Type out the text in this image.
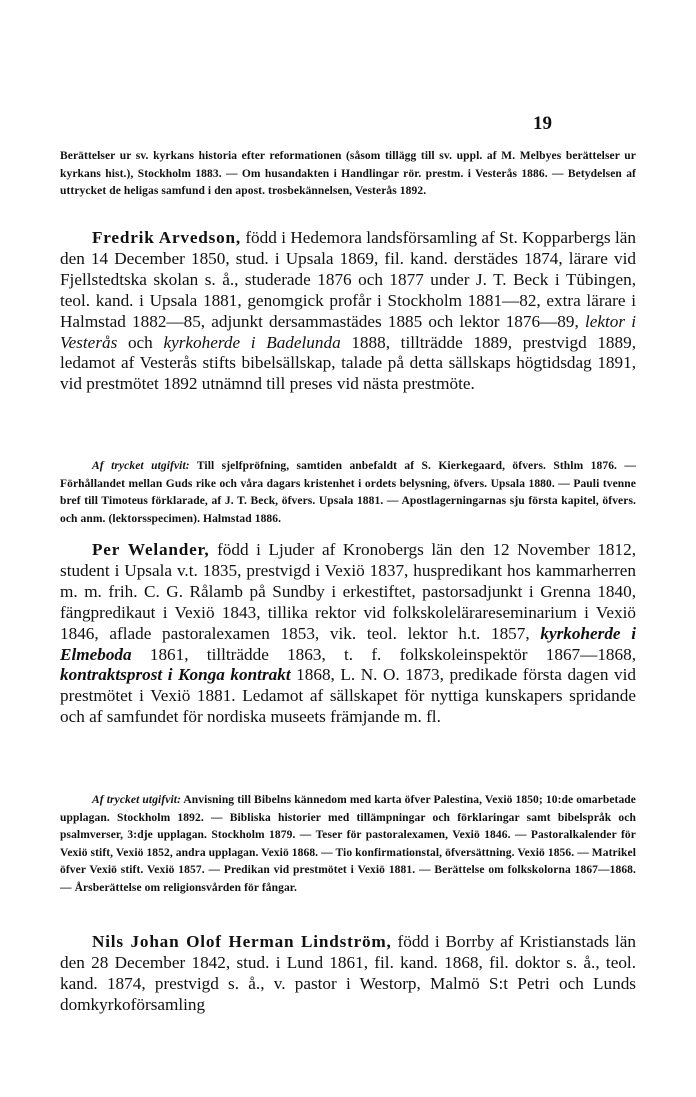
19

Berättelser ur sv. kyrkans historia efter reformationen (såsom tillägg till sv. uppl. af M. Melbyes berättelser ur kyrkans hist.), Stockholm 1883. — Om husandakten i Handlingar rör. prestm. i Vesterås 1886. — Betydelsen af uttrycket de heligas samfund i den apost. trosbekännelsen, Vesterås 1892.

Fredrik Arvedson, född i Hedemora landsförsamling af St. Kopparbergs län den 14 December 1850, stud. i Upsala 1869, fil. kand. derstädes 1874, lärare vid Fjellstedtska skolan s. å., studerade 1876 och 1877 under J. T. Beck i Tübingen, teol. kand. i Upsala 1881, genomgick profår i Stockholm 1881—82, extra lärare i Halmstad 1882—85, adjunkt dersammastädes 1885 och lektor 1876—89, lektor i Vesterås och kyrkoherde i Badelunda 1888, tillträdde 1889, prestvigd 1889, ledamot af Vesterås stifts bibelsällskap, talade på detta sällskaps högtidsdag 1891, vid prestmötet 1892 utnämnd till preses vid nästa prestmöte.

Af trycket utgifvit: Till sjelfpröfning, samtiden anbefaldt af S. Kierkegaard, öfvers. Sthlm 1876. — Förhållandet mellan Guds rike och våra dagars kristenhet i ordets belysning, öfvers. Upsala 1880. — Pauli tvenne bref till Timoteus förklarade, af J. T. Beck, öfvers. Upsala 1881. — Apostlagerningarnas sju första kapitel, öfvers. och anm. (lektorsspecimen). Halmstad 1886.

Per Welander, född i Ljuder af Kronobergs län den 12 November 1812, student i Upsala v.t. 1835, prestvigd i Vexiö 1837, huspredikant hos kammarherren m. m. frih. C. G. Rålamb på Sundby i erkestiftet, pastorsadjunkt i Grenna 1840, fängpredikaut i Vexiö 1843, tillika rektor vid folkskolelärareseminarium i Vexiö 1846, aflade pastoralexamen 1853, vik. teol. lektor h.t. 1857, kyrkoherde i Elmeboda 1861, tillträdde 1863, t. f. folkskoleinspektör 1867—1868, kontraktsprost i Konga kontrakt 1868, L. N. O. 1873, predikade första dagen vid prestmötet i Vexiö 1881. Ledamot af sällskapet för nyttiga kunskapers spridande och af samfundet för nordiska museets främjande m. fl.

Af trycket utgifvit: Anvisning till Bibelns kännedom med karta öfver Palestina, Vexiö 1850; 10:de omarbetade upplagan. Stockholm 1892. — Bibliska historier med tillämpningar och förklaringar samt bibelspråk och psalmverser, 3:dje upplagan. Stockholm 1879. — Teser för pastoralexamen, Vexiö 1846. — Pastoralkalender för Vexiö stift, Vexiö 1852, andra upplagan. Vexiö 1868. — Tio konfirmationstal, öfversättning. Vexiö 1856. — Matrikel öfver Vexiö stift. Vexiö 1857. — Predikan vid prestmötet i Vexiö 1881. — Berättelse om folkskolorna 1867—1868. — Årsberättelse om religionsvården för fångar.

Nils Johan Olof Herman Lindström, född i Borrby af Kristianstads län den 28 December 1842, stud. i Lund 1861, fil. kand. 1868, fil. doktor s. å., teol. kand. 1874, prestvigd s. å., v. pastor i Westorp, Malmö S:t Petri och Lunds domkyrkoförsamling
